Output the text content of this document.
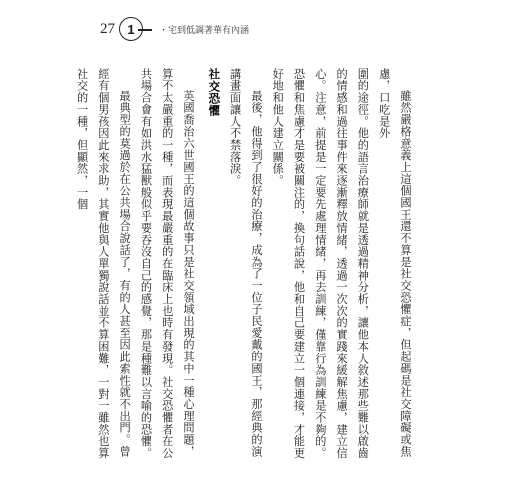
27 1	・宅到低調著華有內涵

雖然嚴格意義上這個國王還不算是社交恐懼症，但起碼是社交障礙或焦慮，口吃是外

圍的途徑。他的語言治療師就是透過精神分析，讓他本人敘述那些難以啟齒的情感和過往事件來逐漸釋放情緒，透過一次次的實踐來緩解焦慮，建立信心。注意，前提是一定要先處理情緒，再去訓練，僅靠行為訓練是不夠的。恐懼和焦慮才是要被關注的，換句話說，他和自己要建立一個連接，才能更好地和他人建立關係。

最後，他得到了很好的治療，成為了一位子民愛戴的國王，那經典的演講畫面讓人不禁落淚。

社交恐懼

英國喬治六世國王的這個故事只是社交領域出現的其中一種心理問題，算不太嚴重的一種，而表現最嚴重的在臨床上也時有發現。社交恐懼者在公共場合會有如洪水猛獸般似乎要吞沒自己的感覺，那是種難以言喻的恐懼。

最典型的莫過於在公共場合說話了，有的人甚至因此索性就不出門。曾經有個男孩因此來求助，其實他與人單獨說話並不算困難，一對一雖然也算社交的一種，但顯然，一個
